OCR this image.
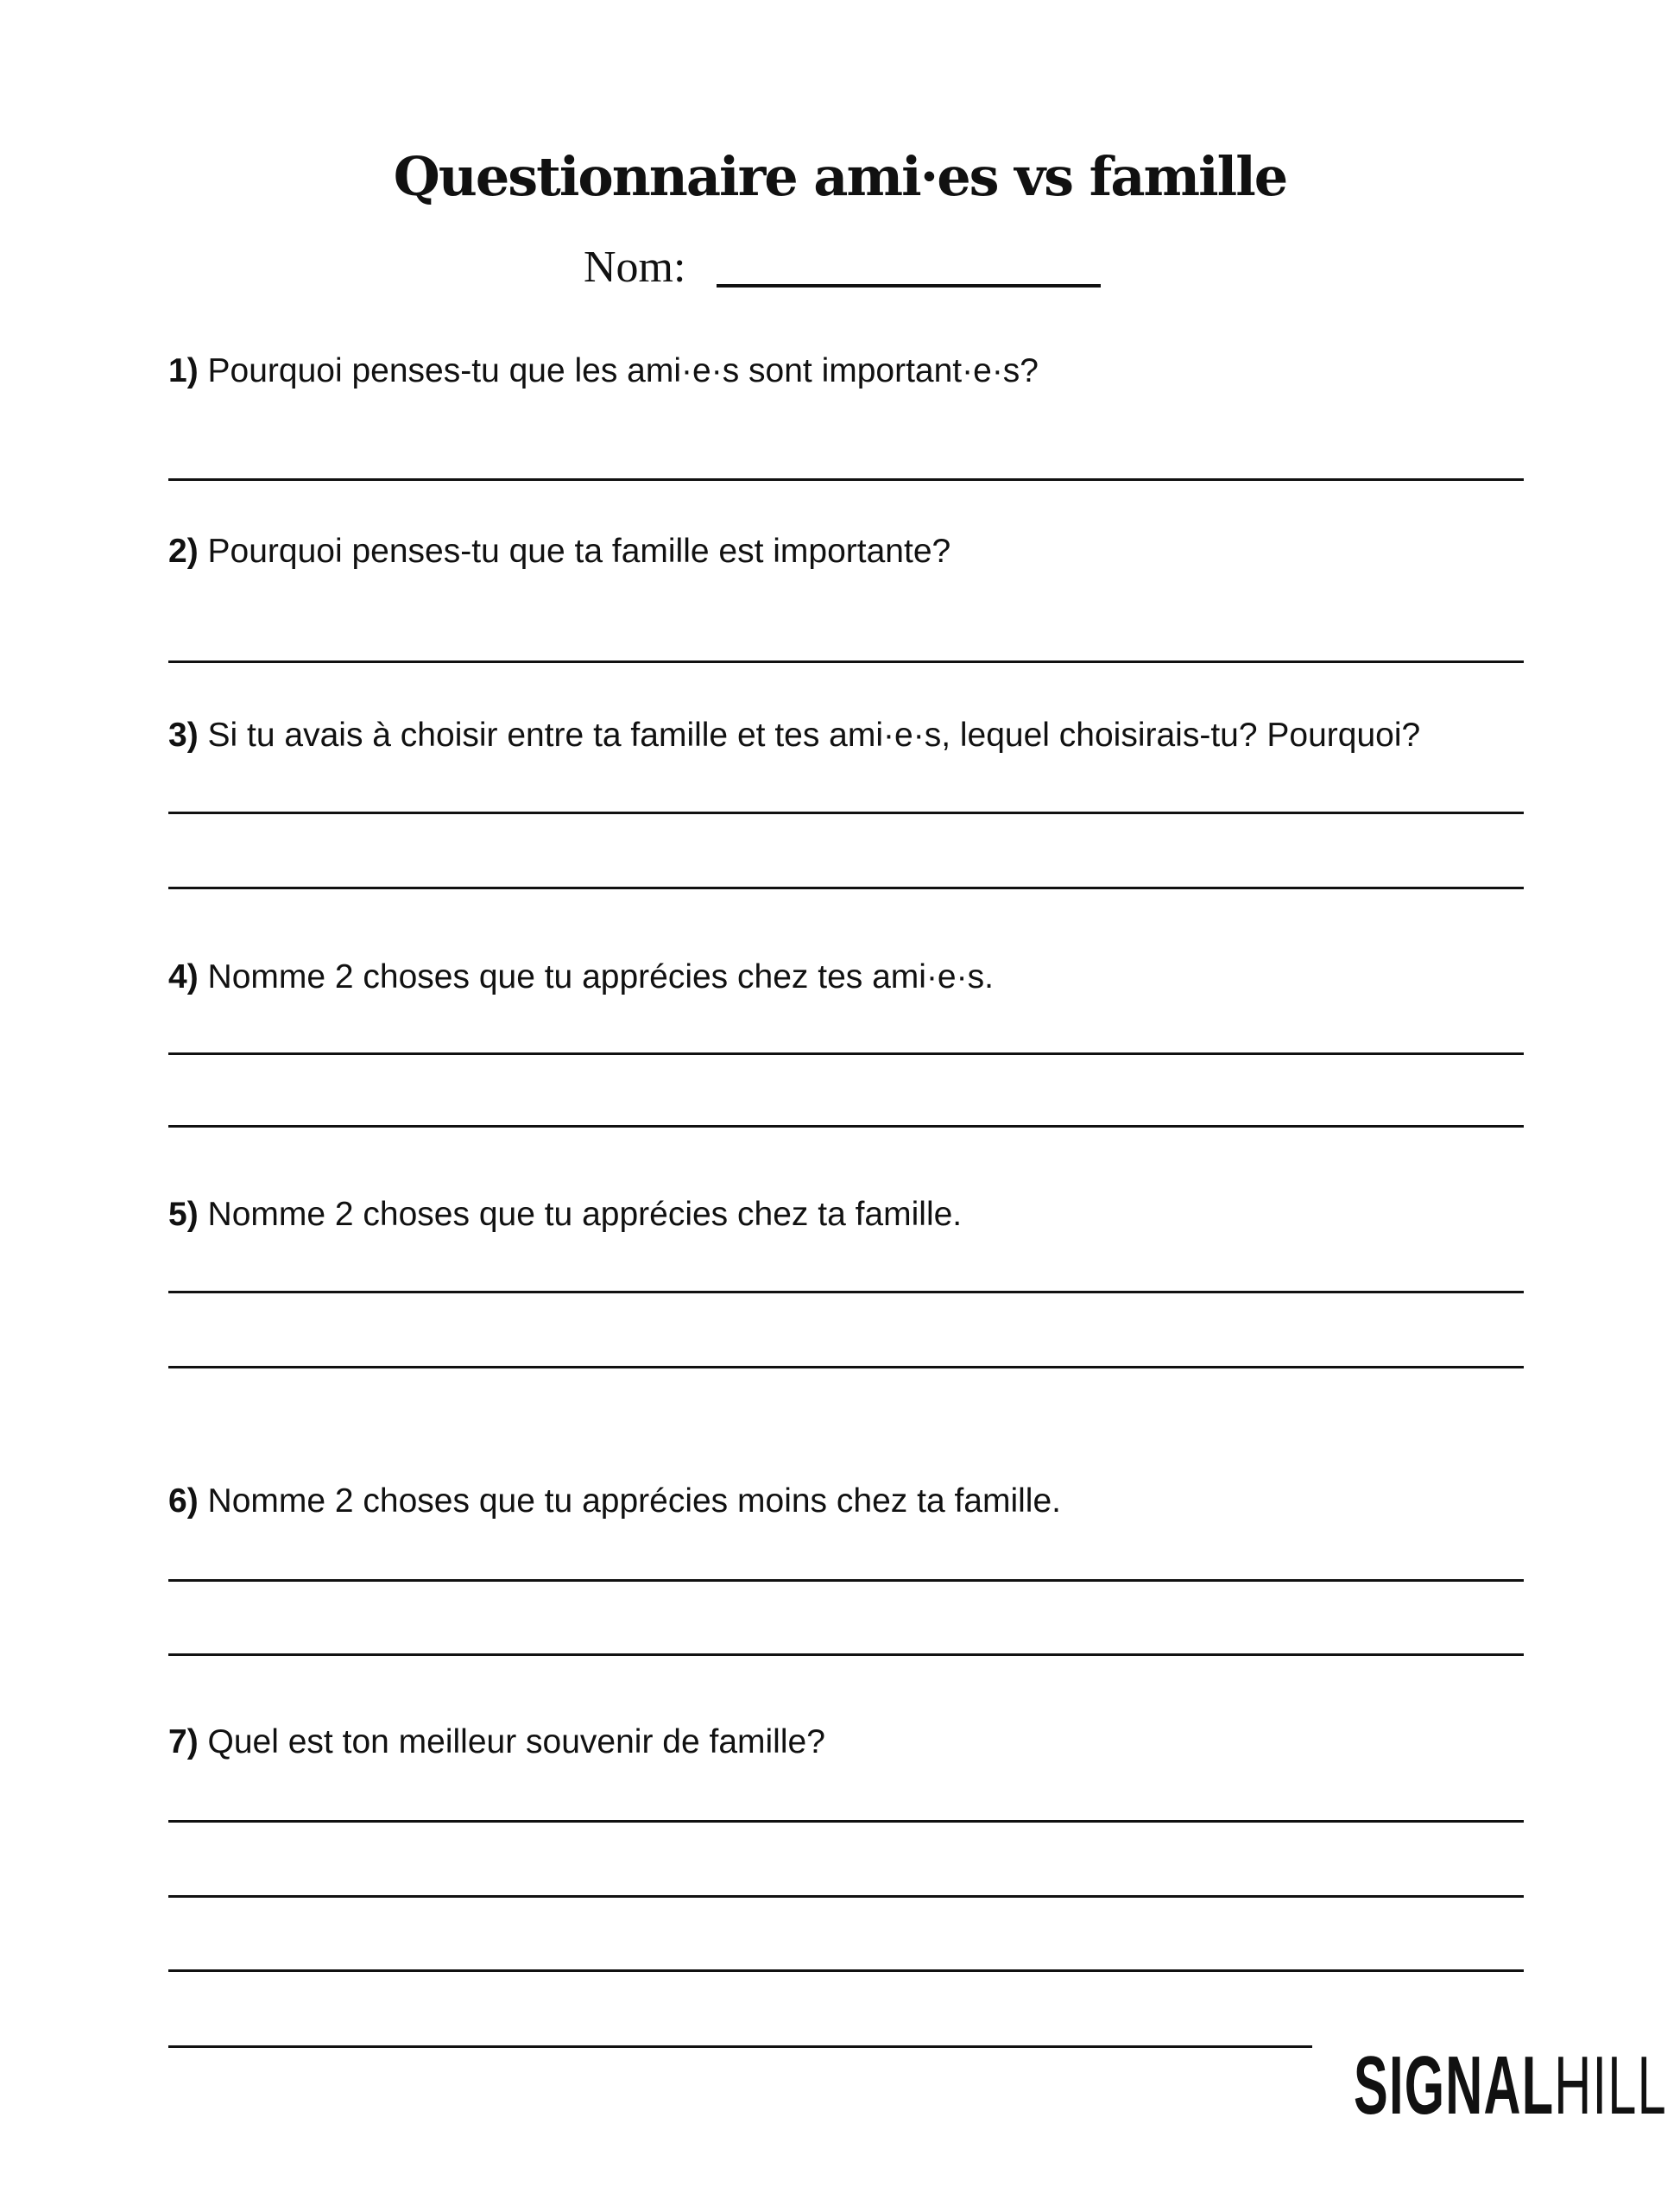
Questionnaire ami·es vs famille
Nom:
1) Pourquoi penses-tu que les ami·e·s sont important·e·s?
2) Pourquoi penses-tu que ta famille est importante?
3) Si tu avais à choisir entre ta famille et tes ami·e·s, lequel choisirais-tu? Pourquoi?
4) Nomme 2 choses que tu apprécies chez tes ami·e·s.
5) Nomme 2 choses que tu apprécies chez ta famille.
6) Nomme 2 choses que tu apprécies moins chez ta famille.
7) Quel est ton meilleur souvenir de famille?
SIGNALHILL
